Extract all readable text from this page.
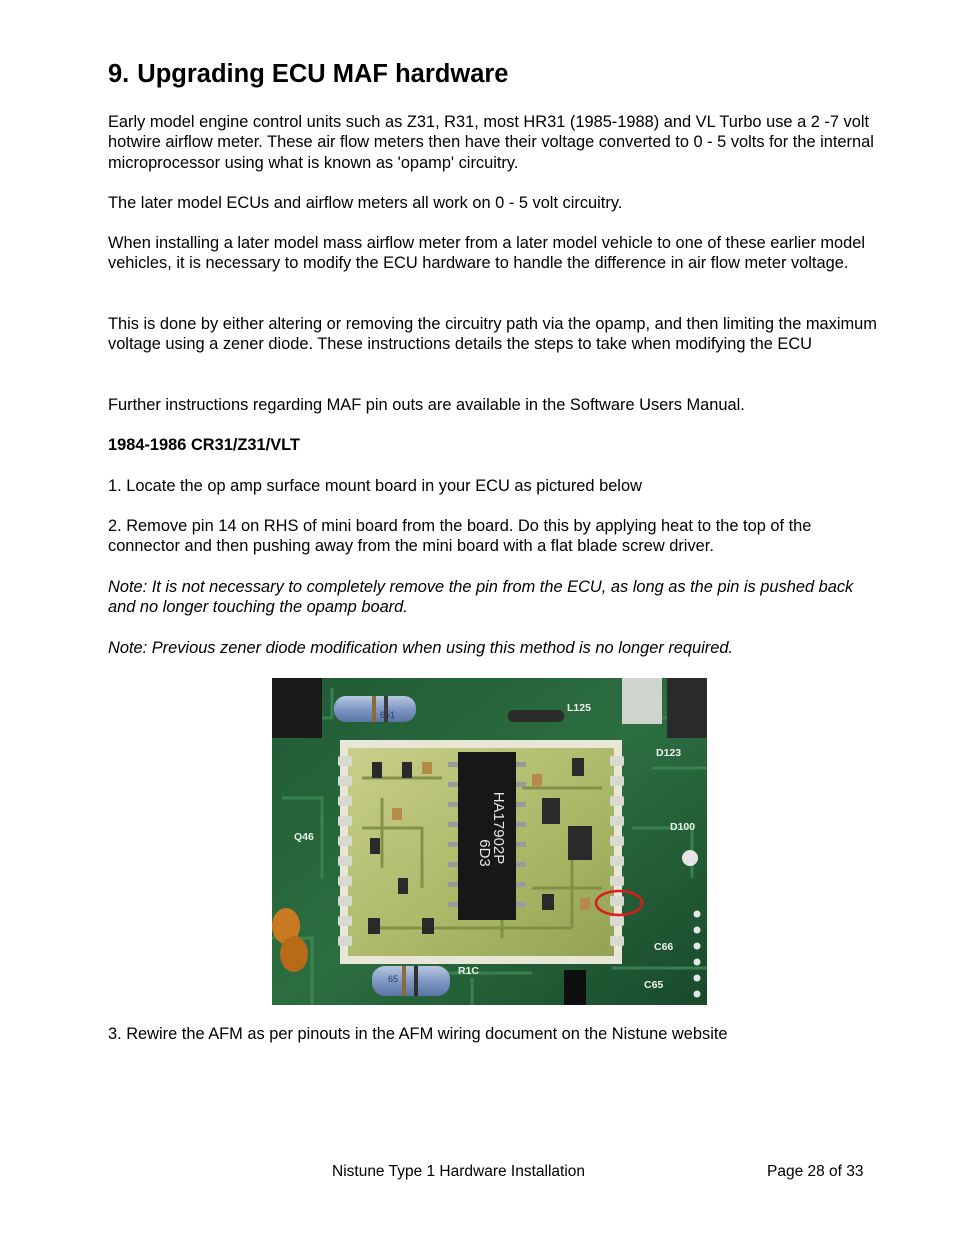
9. Upgrading ECU MAF hardware

Early model engine control units such as Z31, R31, most HR31 (1985-1988) and VL Turbo use a 2 -7 volt hotwire airflow meter. These air flow meters then have their voltage converted to 0 - 5 volts for the internal microprocessor using what is known as 'opamp' circuitry.

The later model ECUs and airflow meters all work on 0 - 5 volt circuitry.

When installing a later model mass airflow meter from a later model vehicle to one of these earlier model vehicles, it is necessary to modify the ECU hardware to handle the difference in air flow meter voltage.

This is done by either altering or removing the circuitry path via the opamp, and then limiting the maximum voltage using a zener diode. These instructions details the steps to take when modifying the ECU

Further instructions regarding MAF pin outs are available in the Software Users Manual.

1984-1986 CR31/Z31/VLT

1. Locate the op amp surface mount board in your ECU as pictured below

2. Remove pin 14 on RHS of mini board from the board. Do this by applying heat to the top of the connector and then pushing away from the mini board with a flat blade screw driver.

Note: It is not necessary to completely remove the pin from the ECU, as long as the pin is pushed back and no longer touching the opamp board.

Note: Previous zener diode modification when using this method is no longer required.

6D3
HA17902P
L125
D123
D100
Q46
C66
C65
R1C
651
65

3. Rewire the AFM as per pinouts in the AFM wiring document on the Nistune website

Nistune Type 1 Hardware Installation	Page 28 of 33
